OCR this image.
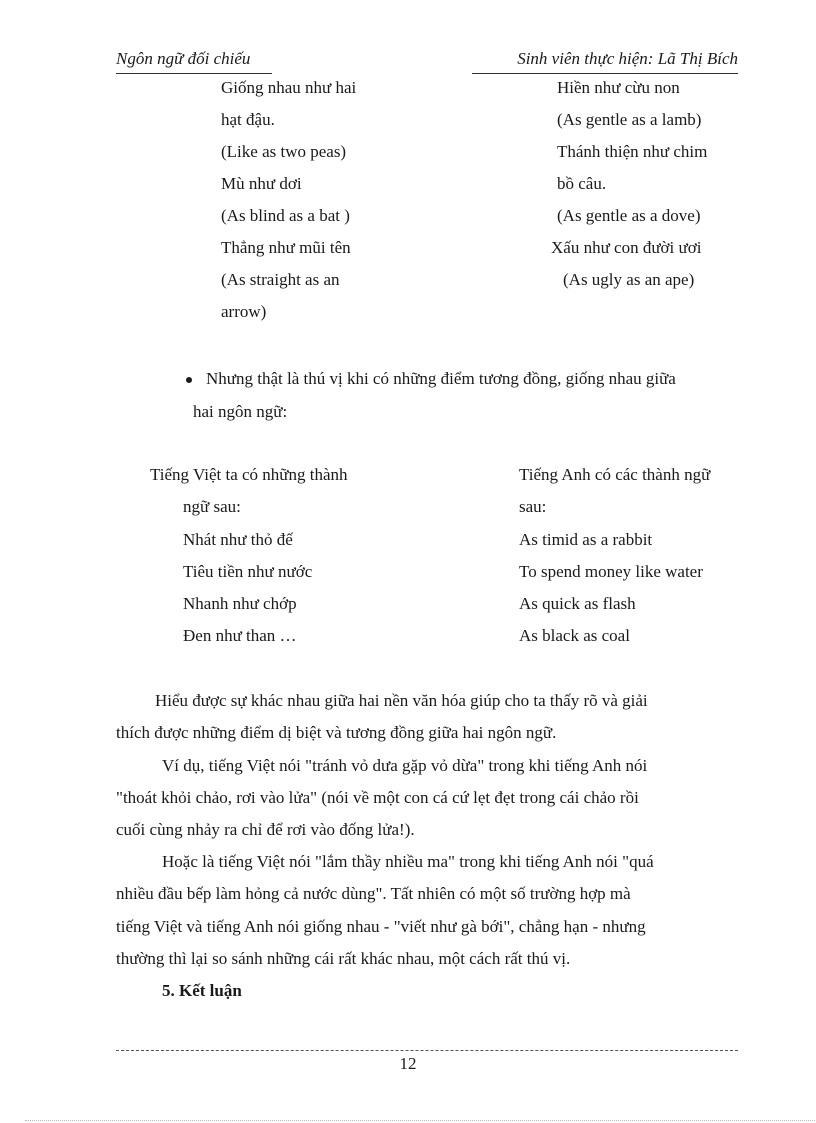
Ngôn ngữ đối chiếu	Sinh viên thực hiện: Lã Thị Bích
Giống nhau như hai
hạt đậu.
(Like as two peas)
Mù như dơi
(As blind as a bat )
Thẳng như mũi tên
(As straight as an
arrow)
Hiền như cừu non
(As gentle as a lamb)
Thánh thiện như chim
bồ câu.
(As gentle as a dove)
Xấu như con đười ươi
(As ugly as an ape)
Nhưng thật là thú vị khi có những điểm tương đồng, giống nhau giữa
hai ngôn ngữ:
Tiếng Việt ta có những thành
ngữ sau:
Nhát như thỏ đế
Tiêu tiền như nước
Nhanh như chớp
Đen như than …
Tiếng Anh có các thành ngữ
sau:
As timid as a rabbit
To spend money like water
As quick as flash
As black as coal
Hiểu được sự khác nhau giữa hai nền văn hóa giúp cho ta thấy rõ và giải
thích được những điểm dị biệt và tương đồng giữa hai ngôn ngữ.
Ví dụ, tiếng Việt nói "tránh vỏ dưa gặp vỏ dừa" trong khi tiếng Anh nói
"thoát khỏi chảo, rơi vào lửa" (nói về một con cá cứ lẹt đẹt trong cái chảo rồi
cuối cùng nhảy ra chỉ để rơi vào đống lửa!).
Hoặc là tiếng Việt nói "lắm thầy nhiều ma" trong khi tiếng Anh nói "quá
nhiều đầu bếp làm hỏng cả nước dùng". Tất nhiên có một số trường hợp mà
tiếng Việt và tiếng Anh nói giống nhau - "viết như gà bới", chẳng hạn - nhưng
thường thì lại so sánh những cái rất khác nhau, một cách rất thú vị.
5. Kết luận
12
